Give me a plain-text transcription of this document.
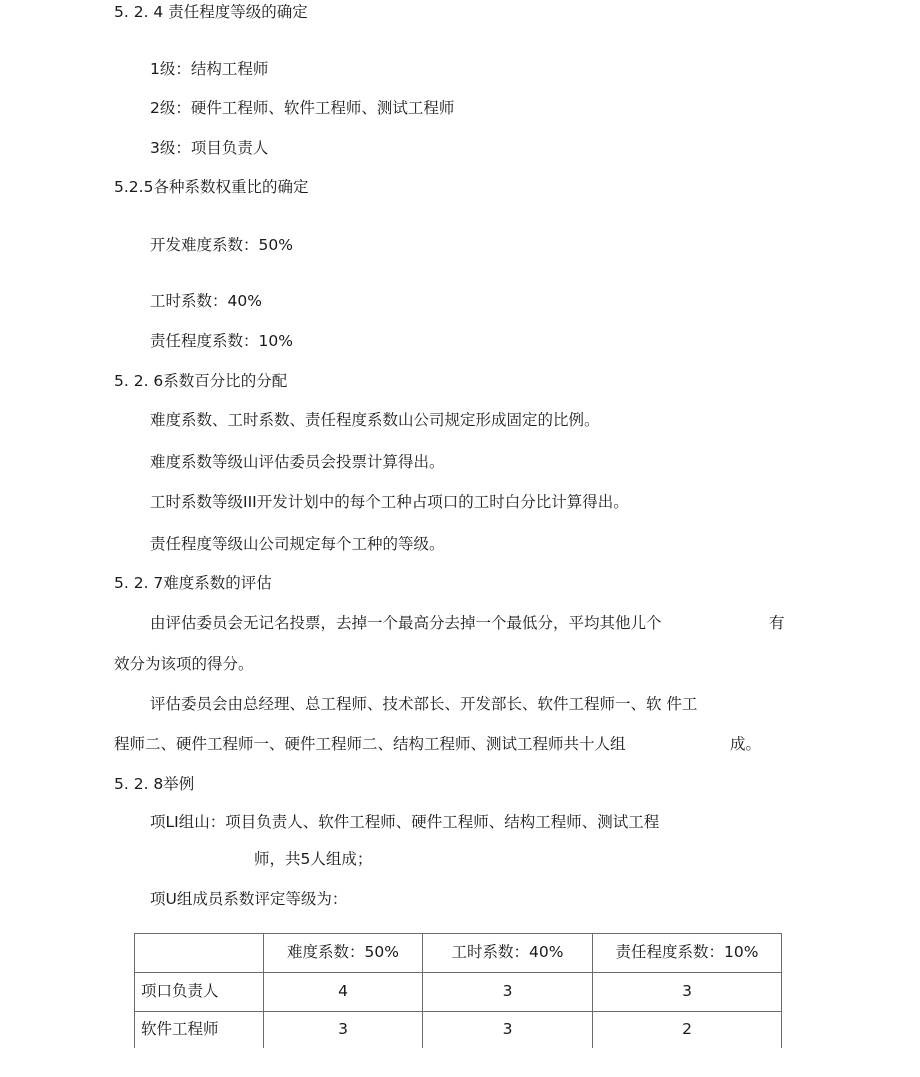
5. 2. 4 责任程度等级的确定
1级：结构工程师
2级：硬件工程师、软件工程师、测试工程师
3级：项目负责人
5.2.5各种系数权重比的确定
开发难度系数：50%
工时系数：40%
责任程度系数：10%
5. 2. 6系数百分比的分配
难度系数、工时系数、责任程度系数山公司规定形成固定的比例。
难度系数等级山评估委员会投票计算得出。
工时系数等级III开发计划中的每个工种占项口的工时白分比计算得出。
责任程度等级山公司规定每个工种的等级。
5. 2. 7难度系数的评估
由评估委员会无记名投票，去掉一个最高分去掉一个最低分，平均其他儿个	有
效分为该项的得分。
评估委员会由总经理、总工程师、技术部长、开发部长、软件工程师一、软 件工
程师二、硬件工程师一、硬件工程师二、结构工程师、测试工程师共十人组	成。
5. 2. 8举例
项LI组山：项目负责人、软件工程师、硬件工程师、结构工程师、测试工程
师，共5人组成；
项U组成员系数评定等级为：
	难度系数：50%	工时系数：40%	责任程度系数：10%
项口负责人	4	3	3
软件工程师	3	3	2
